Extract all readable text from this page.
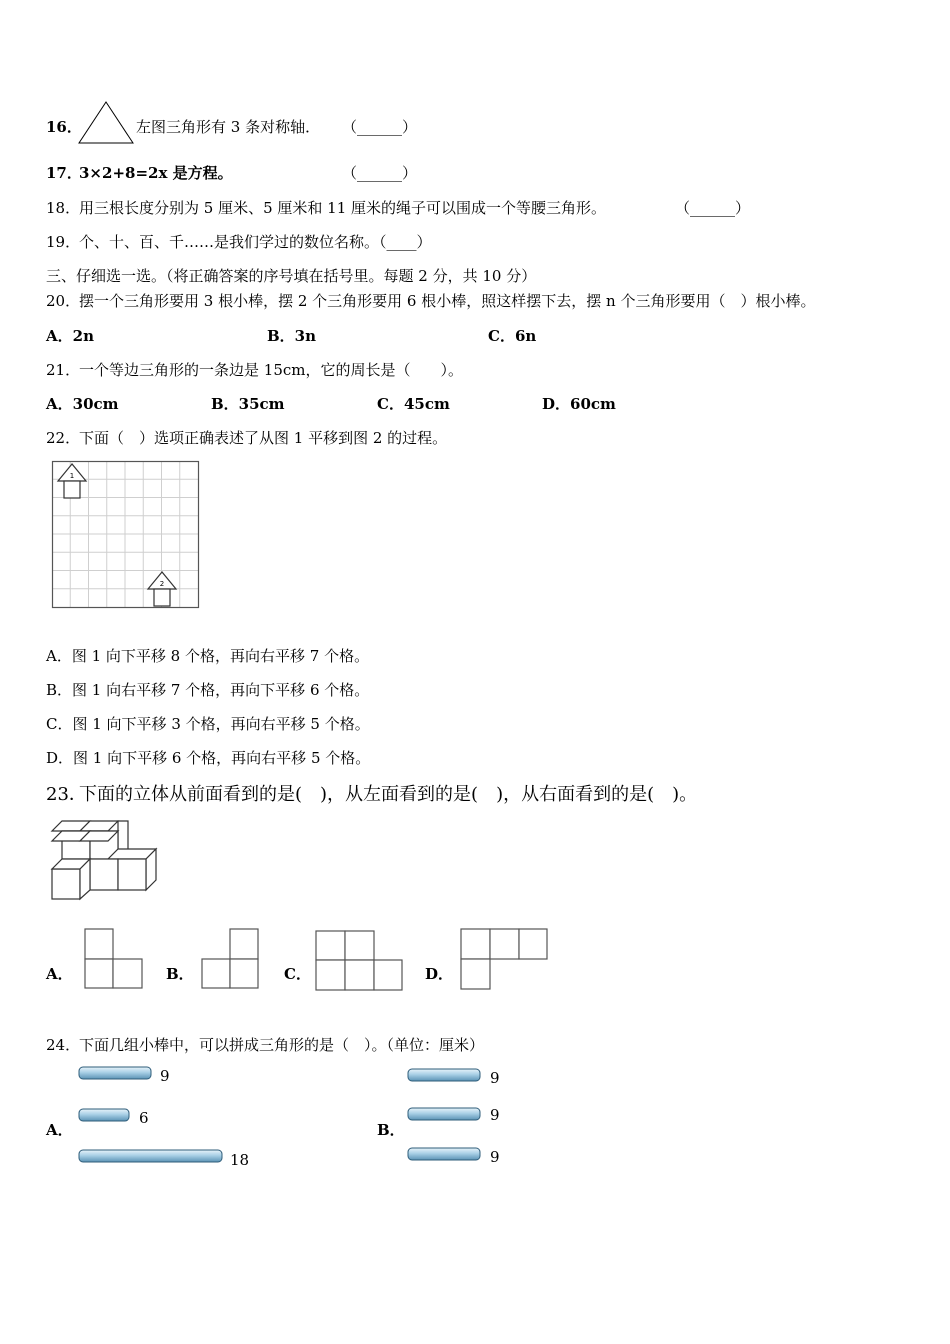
16．	左图三角形有 3 条对称轴． （______）
17．
3×2+8=2x 是方程。	（______）
18．
用三根长度分别为 5 厘米、5 厘米和 11 厘米的绳子可以围成一个等腰三角形。	（______）
19．
个、十、百、千……是我们学过的数位名称。（____）
三、仔细选一选。（将正确答案的序号填在括号里。每题 2 分，共 10 分）
20．
摆一个三角形要用 3 根小棒，摆 2 个三角形要用 6 根小棒，照这样摆下去，摆 n 个三角形要用（　）根小棒。
A．2n	B．3n	C．6n
21．
一个等边三角形的一条边是 15cm，它的周长是（　　）。
A．30cm	B．35cm	C．45cm	D．60cm
22．
下面（　）选项正确表述了从图 1 平移到图 2 的过程。
1
2
A．图 1 向下平移 8 个格，再向右平移 7 个格。
B．图 1 向右平移 7 个格，再向下平移 6 个格。
C．图 1 向下平移 3 个格，再向右平移 5 个格。
D．图 1 向下平移 6 个格，再向右平移 5 个格。
23．
下面的立体从前面看到的是(　)，从左面看到的是(　)，从右面看到的是(　)。
A．	B．	C．	D．
24．
下面几组小棒中，可以拼成三角形的是（　）。（单位：厘米）
9
6
18
A．
9
9
9
B．
